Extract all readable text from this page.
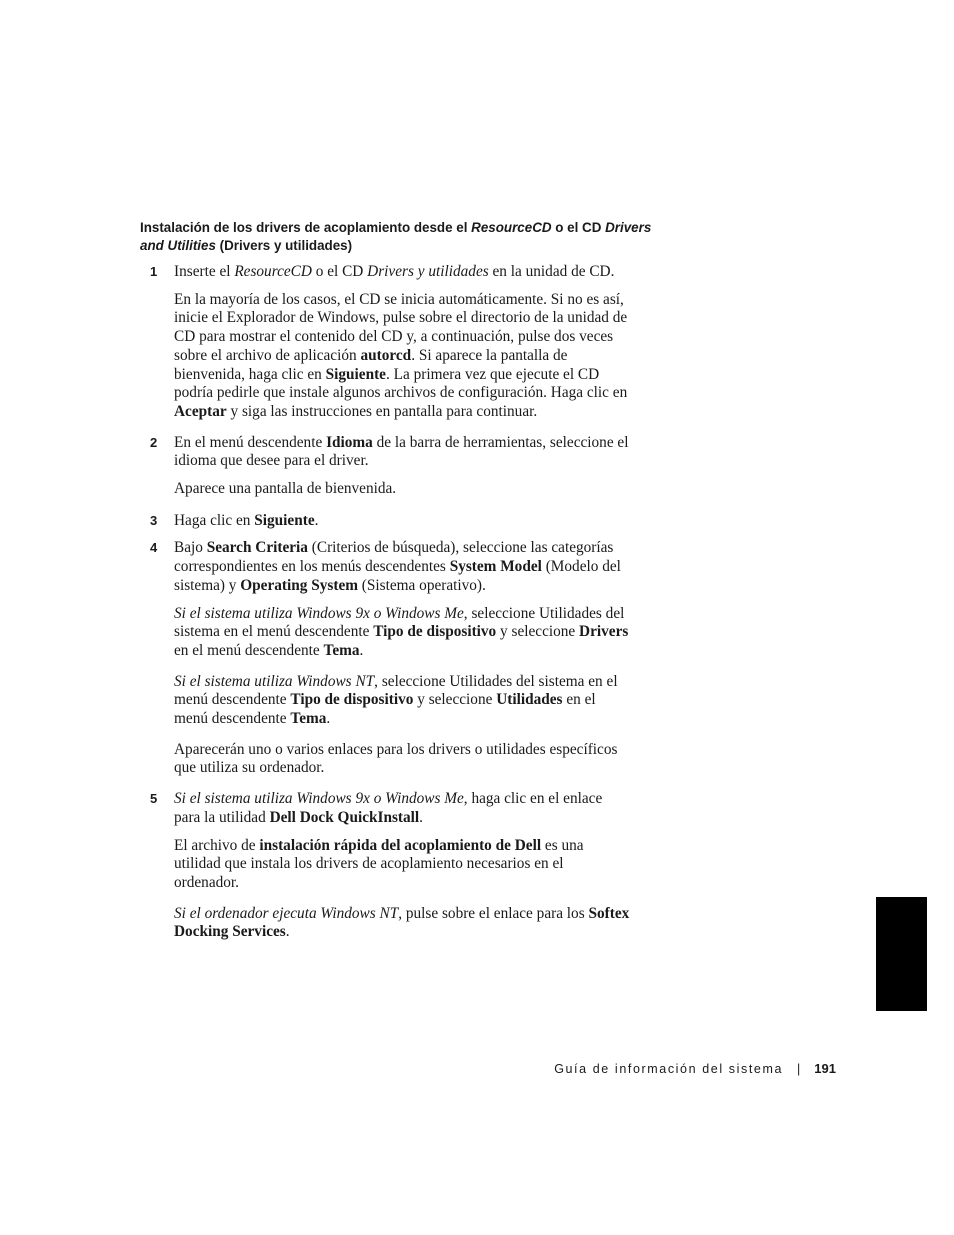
Instalación de los drivers de acoplamiento desde el ResourceCD o el CD Drivers and Utilities (Drivers y utilidades)
1 Inserte el ResourceCD o el CD Drivers y utilidades en la unidad de CD.

En la mayoría de los casos, el CD se inicia automáticamente. Si no es así, inicie el Explorador de Windows, pulse sobre el directorio de la unidad de CD para mostrar el contenido del CD y, a continuación, pulse dos veces sobre el archivo de aplicación autorcd. Si aparece la pantalla de bienvenida, haga clic en Siguiente. La primera vez que ejecute el CD podría pedirle que instale algunos archivos de configuración. Haga clic en Aceptar y siga las instrucciones en pantalla para continuar.

2 En el menú descendente Idioma de la barra de herramientas, seleccione el idioma que desee para el driver.

Aparece una pantalla de bienvenida.

3 Haga clic en Siguiente.

4 Bajo Search Criteria (Criterios de búsqueda), seleccione las categorías correspondientes en los menús descendentes System Model (Modelo del sistema) y Operating System (Sistema operativo).

Si el sistema utiliza Windows 9x o Windows Me, seleccione Utilidades del sistema en el menú descendente Tipo de dispositivo y seleccione Drivers en el menú descendente Tema.

Si el sistema utiliza Windows NT, seleccione Utilidades del sistema en el menú descendente Tipo de dispositivo y seleccione Utilidades en el menú descendente Tema.

Aparecerán uno o varios enlaces para los drivers o utilidades específicos que utiliza su ordenador.

5 Si el sistema utiliza Windows 9x o Windows Me, haga clic en el enlace para la utilidad Dell Dock QuickInstall.

El archivo de instalación rápida del acoplamiento de Dell es una utilidad que instala los drivers de acoplamiento necesarios en el ordenador.

Si el ordenador ejecuta Windows NT, pulse sobre el enlace para los Softex Docking Services.

Guía de información del sistema | 191
